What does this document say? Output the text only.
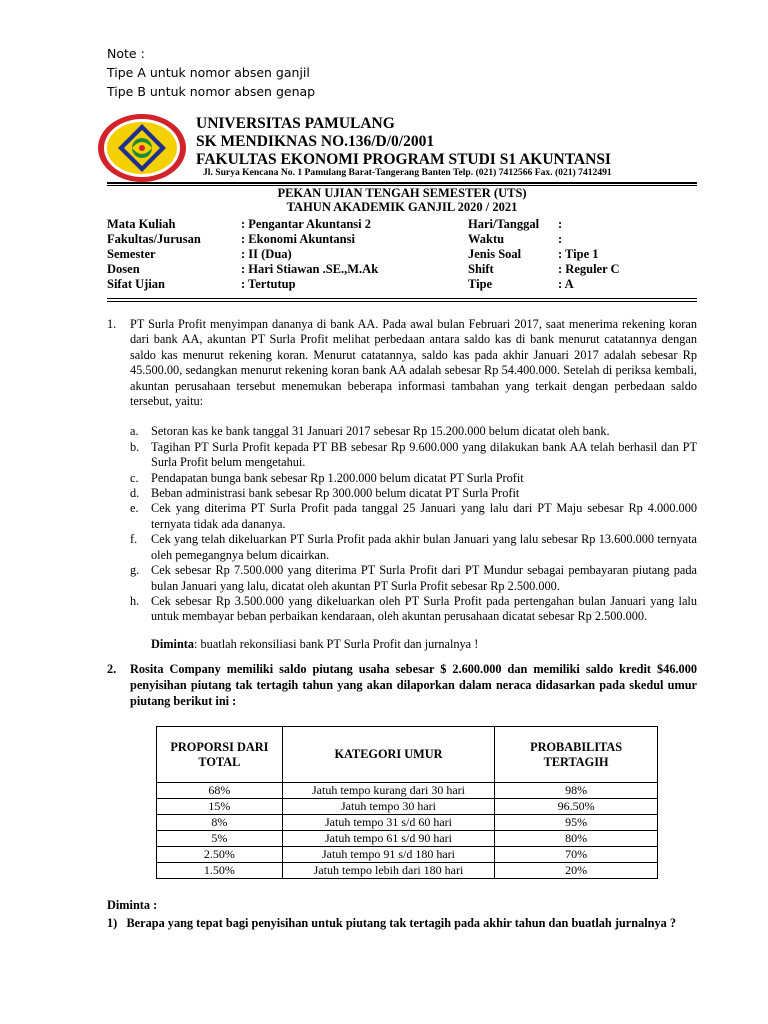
Note :
Tipe A untuk nomor absen ganjil
Tipe B untuk nomor absen genap
UNIVERSITAS PAMULANG
SK MENDIKNAS NO.136/D/0/2001
FAKULTAS EKONOMI PROGRAM STUDI S1 AKUNTANSI
Jl. Surya Kencana No. 1 Pamulang Barat-Tangerang Banten Telp. (021) 7412566 Fax. (021) 7412491
PEKAN UJIAN TENGAH SEMESTER (UTS)
TAHUN AKADEMIK GANJIL 2020 / 2021
Mata Kuliah	: Pengantar Akuntansi 2	Hari/Tanggal :
Fakultas/Jurusan	: Ekonomi Akuntansi	Waktu	:
Semester	: II (Dua)	Jenis Soal	: Tipe 1
Dosen	: Hari Stiawan .SE.,M.Ak	Shift	: Reguler C
Sifat Ujian	: Tertutup	Tipe	: A
1. PT Surla Profit menyimpan dananya di bank AA. Pada awal bulan Februari 2017, saat menerima rekening koran dari bank AA, akuntan PT Surla Profit melihat perbedaan antara saldo kas di bank menurut catatannya dengan saldo kas menurut rekening koran. Menurut catatannya, saldo kas pada akhir Januari 2017 adalah sebesar Rp 45.500.00, sedangkan menurut rekening koran bank AA adalah sebesar Rp 54.400.000. Setelah di periksa kembali, akuntan perusahaan tersebut menemukan beberapa informasi tambahan yang terkait dengan perbedaan saldo tersebut, yaitu:
a. Setoran kas ke bank tanggal 31 Januari 2017 sebesar Rp 15.200.000 belum dicatat oleh bank.
b. Tagihan PT Surla Profit kepada PT BB sebesar Rp 9.600.000 yang dilakukan bank AA telah berhasil dan PT Surla Profit belum mengetahui.
c. Pendapatan bunga bank sebesar Rp 1.200.000 belum dicatat PT Surla Profit
d. Beban administrasi bank sebesar Rp 300.000 belum dicatat PT Surla Profit
e. Cek yang diterima PT Surla Profit pada tanggal 25 Januari yang lalu dari PT Maju sebesar Rp 4.000.000 ternyata tidak ada dananya.
f. Cek yang telah dikeluarkan PT Surla Profit pada akhir bulan Januari yang lalu sebesar Rp 13.600.000 ternyata oleh pemegangnya belum dicairkan.
g. Cek sebesar Rp 7.500.000 yang diterima PT Surla Profit dari PT Mundur sebagai pembayaran piutang pada bulan Januari yang lalu, dicatat oleh akuntan PT Surla Profit sebesar Rp 2.500.000.
h. Cek sebesar Rp 3.500.000 yang dikeluarkan oleh PT Surla Profit pada pertengahan bulan Januari yang lalu untuk membayar beban perbaikan kendaraan, oleh akuntan perusahaan dicatat sebesar Rp 2.500.000.
Diminta: buatlah rekonsiliasi bank PT Surla Profit dan jurnalnya !
2. Rosita Company memiliki saldo piutang usaha sebesar $ 2.600.000 dan memiliki saldo kredit $46.000 penyisihan piutang tak tertagih tahun yang akan dilaporkan dalam neraca didasarkan pada skedul umur piutang berikut ini :
PROPORSI DARI TOTAL	KATEGORI UMUR	PROBABILITAS TERTAGIH
68%	Jatuh tempo kurang dari 30 hari	98%
15%	Jatuh tempo 30 hari	96.50%
8%	Jatuh tempo 31 s/d 60 hari	95%
5%	Jatuh tempo 61 s/d 90 hari	80%
2.50%	Jatuh tempo 91 s/d 180 hari	70%
1.50%	Jatuh tempo lebih dari 180 hari	20%
Diminta :
1)   Berapa yang tepat bagi penyisihan untuk piutang tak tertagih pada akhir tahun dan buatlah jurnalnya ?
